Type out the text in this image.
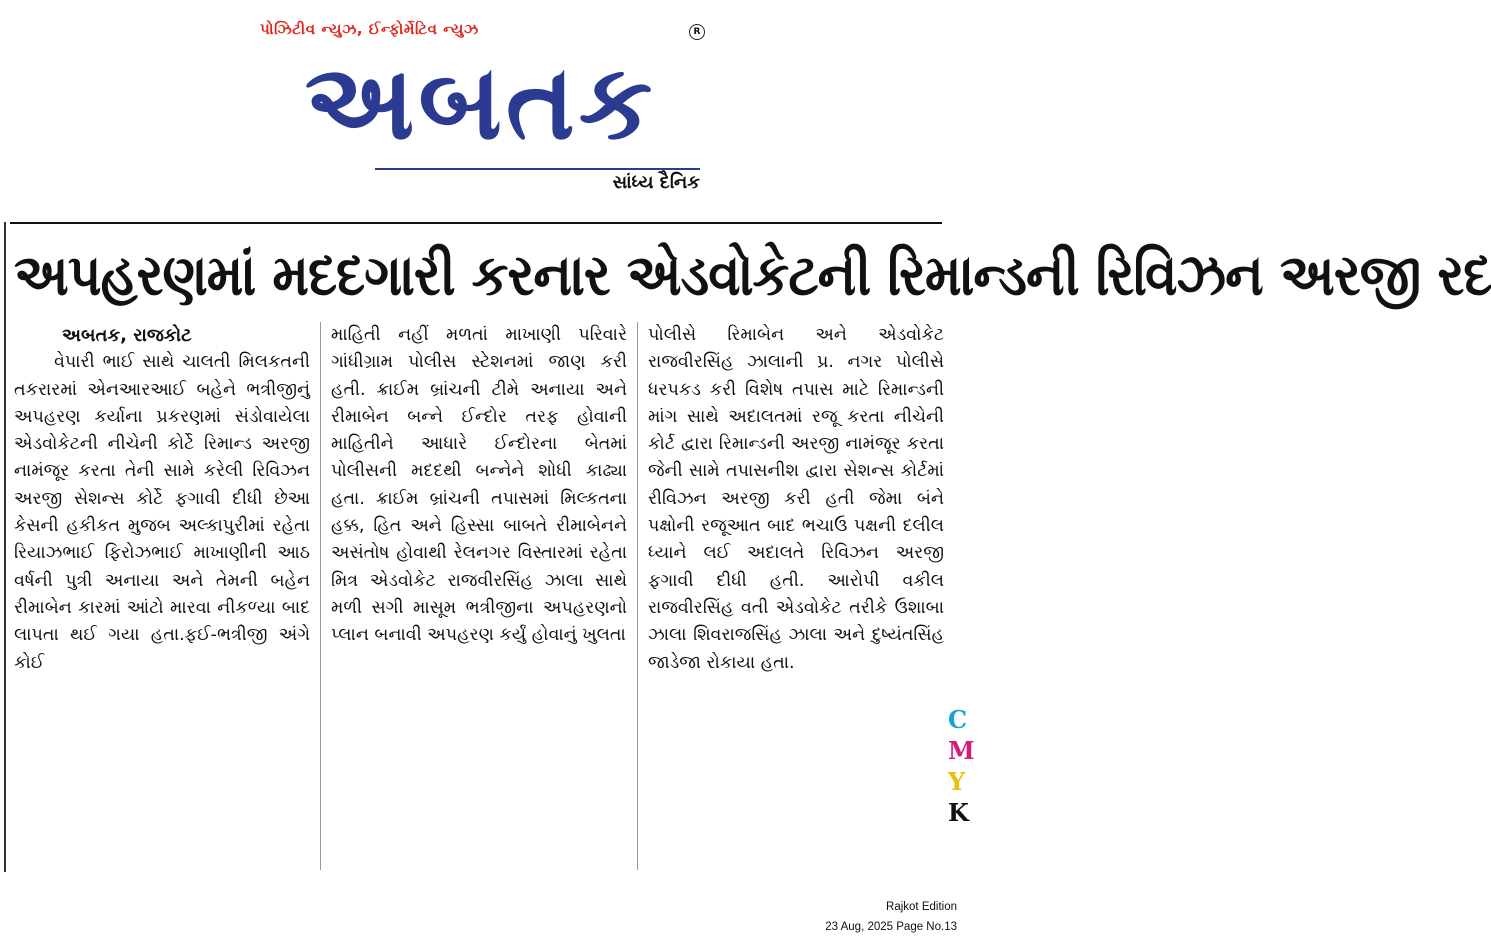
પોઝિટીવ ન્યુઝ, ઈન્ફોર્મેટિવ ન્યુઝ	R
અબતક
સાંધ્ય દૈનિક
અપહરણમાં મદદગારી કરનાર એડવોકેટની રિમાન્ડની રિવિઝન અરજી રદ
અબતક, રાજકોટ

વેપારી ભાઈ સાથે ચાલતી મિલકતની તકરારમાં એનઆરઆઈ બહેને ભત્રીજીનું અપહરણ કર્યાના પ્રકરણમાં સંડોવાયેલા એડવોકેટની નીચેની કોર્ટે રિમાન્ડ અરજી નામંજૂર કરતા તેની સામે કરેલી રિવિઝન અરજી સેશન્સ કોર્ટે ફગાવી દીધી છેઆ કેસની હકીકત મુજબ અલ્કાપુરીમાં રહેતા રિયાઝભાઈ ફિરોઝભાઈ માખાણીની આઠ વર્ષની પુત્રી અનાયા અને તેમની બહેન રીમાબેન કારમાં આંટો મારવા નીકળ્યા બાદ લાપતા થઈ ગયા હતા.ફઈ-ભત્રીજી અંગે કોઈ

માહિતી નહીં મળતાં માખાણી પરિવારે ગાંધીગ્રામ પોલીસ સ્ટેશનમાં જાણ કરી હતી. ક્રાઈમ બ્રાંચની ટીમે અનાયા અને રીમાબેન બન્ને ઈન્દોર તરફ હોવાની માહિતીને આધારે ઈન્દોરના બેતમાં પોલીસની મદદથી બન્નેને શોધી કાઢ્યા હતા. ક્રાઈમ બ્રાંચની તપાસમાં મિલ્કતના હક્ક, હિત અને હિસ્સા બાબતે રીમાબેનને અસંતોષ હોવાથી રેલનગર વિસ્તારમાં રહેતા મિત્ર એડવોકેટ રાજવીરસિંહ ઝાલા સાથે મળી સગી માસૂમ ભત્રીજીના અપહરણનો પ્લાન બનાવી અપહરણ કર્યું હોવાનું ખુલતા

પોલીસે રિમાબેન અને એડવોકેટ રાજવીરસિંહ ઝાલાની પ્ર. નગર પોલીસે ધરપકડ કરી વિશેષ તપાસ માટે રિમાન્ડની માંગ સાથે અદાલતમાં રજૂ કરતા નીચેની કોર્ટ દ્વારા રિમાન્ડની અરજી નામંજૂર કરતા જેની સામે તપાસનીશ દ્વારા સેશન્સ કોર્ટમાં રીવિઝન અરજી કરી હતી જેમા બંને પક્ષોની રજૂઆત બાદ ભચાઉ પક્ષની દલીલ ધ્યાને લઈ અદાલતે રિવિઝન અરજી ફગાવી દીધી હતી. આરોપી વકીલ રાજવીરસિંહ વતી એડવોકેટ તરીકે ઉશાબા ઝાલા શિવરાજસિંહ ઝાલા અને દુષ્યંતસિંહ જાડેજા રોકાયા હતા.

C
M
Y
K
Rajkot Edition
23 Aug, 2025 Page No.13
